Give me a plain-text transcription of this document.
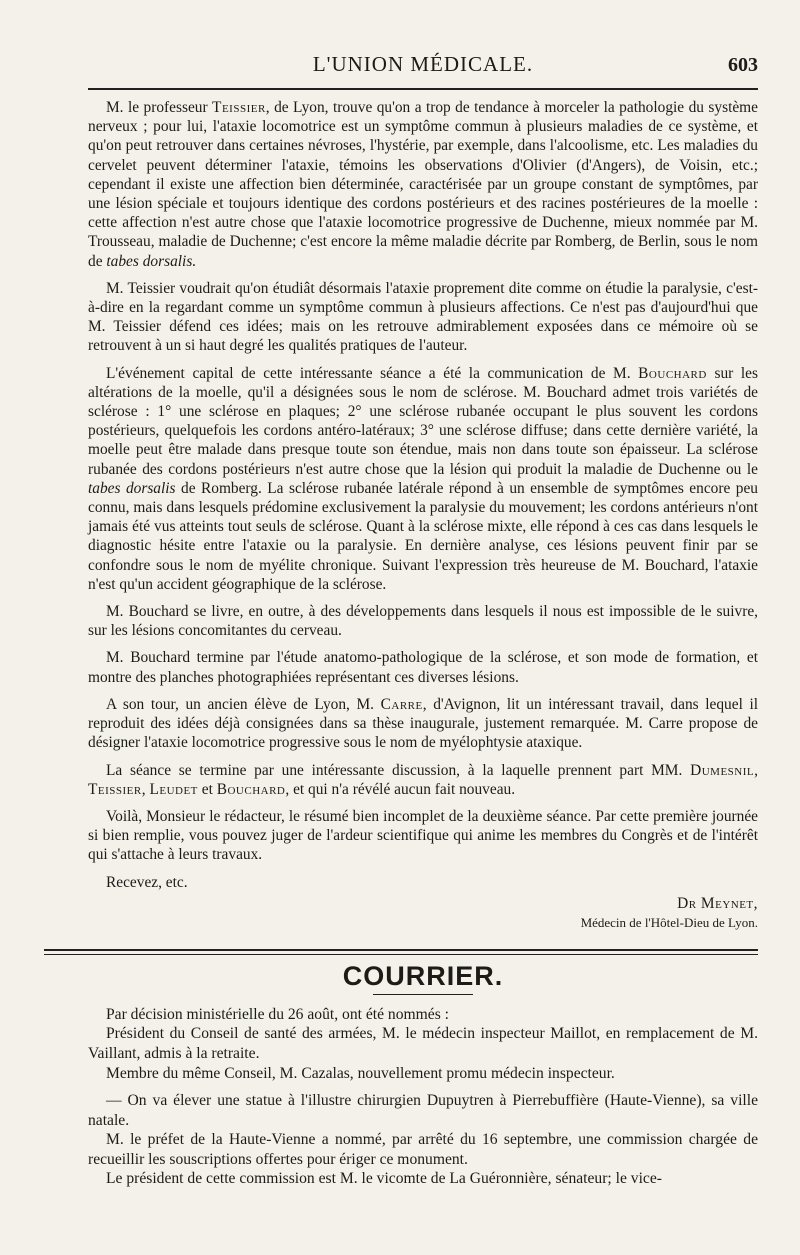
L'UNION MÉDICALE.	603

M. le professeur Teissier, de Lyon, trouve qu'on a trop de tendance à morceler la pathologie du système nerveux ; pour lui, l'ataxie locomotrice est un symptôme commun à plusieurs maladies de ce système, et qu'on peut retrouver dans certaines névroses, l'hystérie, par exemple, dans l'alcoolisme, etc. Les maladies du cervelet peuvent déterminer l'ataxie, témoins les observations d'Olivier (d'Angers), de Voisin, etc.; cependant il existe une affection bien déterminée, caractérisée par un groupe constant de symptômes, par une lésion spéciale et toujours identique des cordons postérieurs et des racines postérieures de la moelle : cette affection n'est autre chose que l'ataxie locomotrice progressive de Duchenne, mieux nommée par M. Trousseau, maladie de Duchenne; c'est encore la même maladie décrite par Romberg, de Berlin, sous le nom de tabes dorsalis.

M. Teissier voudrait qu'on étudiât désormais l'ataxie proprement dite comme on étudie la paralysie, c'est-à-dire en la regardant comme un symptôme commun à plusieurs affections. Ce n'est pas d'aujourd'hui que M. Teissier défend ces idées; mais on les retrouve admirablement exposées dans ce mémoire où se retrouvent à un si haut degré les qualités pratiques de l'auteur.

L'événement capital de cette intéressante séance a été la communication de M. Bouchard sur les altérations de la moelle, qu'il a désignées sous le nom de sclérose. M. Bouchard admet trois variétés de sclérose : 1° une sclérose en plaques; 2° une sclérose rubanée occupant le plus souvent les cordons postérieurs, quelquefois les cordons antéro-latéraux; 3° une sclérose diffuse; dans cette dernière variété, la moelle peut être malade dans presque toute son étendue, mais non dans toute son épaisseur. La sclérose rubanée des cordons postérieurs n'est autre chose que la lésion qui produit la maladie de Duchenne ou le tabes dorsalis de Romberg. La sclérose rubanée latérale répond à un ensemble de symptômes encore peu connu, mais dans lesquels prédomine exclusivement la paralysie du mouvement; les cordons antérieurs n'ont jamais été vus atteints tout seuls de sclérose. Quant à la sclérose mixte, elle répond à ces cas dans lesquels le diagnostic hésite entre l'ataxie ou la paralysie. En dernière analyse, ces lésions peuvent finir par se confondre sous le nom de myélite chronique. Suivant l'expression très heureuse de M. Bouchard, l'ataxie n'est qu'un accident géographique de la sclérose.

M. Bouchard se livre, en outre, à des développements dans lesquels il nous est impossible de le suivre, sur les lésions concomitantes du cerveau.

M. Bouchard termine par l'étude anatomo-pathologique de la sclérose, et son mode de formation, et montre des planches photographiées représentant ces diverses lésions.

A son tour, un ancien élève de Lyon, M. Carre, d'Avignon, lit un intéressant travail, dans lequel il reproduit des idées déjà consignées dans sa thèse inaugurale, justement remarquée. M. Carre propose de désigner l'ataxie locomotrice progressive sous le nom de myélophtysie ataxique.

La séance se termine par une intéressante discussion, à la laquelle prennent part MM. Dumesnil, Teissier, Leudet et Bouchard, et qui n'a révélé aucun fait nouveau.

Voilà, Monsieur le rédacteur, le résumé bien incomplet de la deuxième séance. Par cette première journée si bien remplie, vous pouvez juger de l'ardeur scientifique qui anime les membres du Congrès et de l'intérêt qui s'attache à leurs travaux.

Recevez, etc.

Dr Meynet,
Médecin de l'Hôtel-Dieu de Lyon.
COURRIER.

Par décision ministérielle du 26 août, ont été nommés :

Président du Conseil de santé des armées, M. le médecin inspecteur Maillot, en remplacement de M. Vaillant, admis à la retraite.

Membre du même Conseil, M. Cazalas, nouvellement promu médecin inspecteur.

— On va élever une statue à l'illustre chirurgien Dupuytren à Pierrebuffière (Haute-Vienne), sa ville natale.

M. le préfet de la Haute-Vienne a nommé, par arrêté du 16 septembre, une commission chargée de recueillir les souscriptions offertes pour ériger ce monument.

Le président de cette commission est M. le vicomte de La Guéronnière, sénateur; le vice-
